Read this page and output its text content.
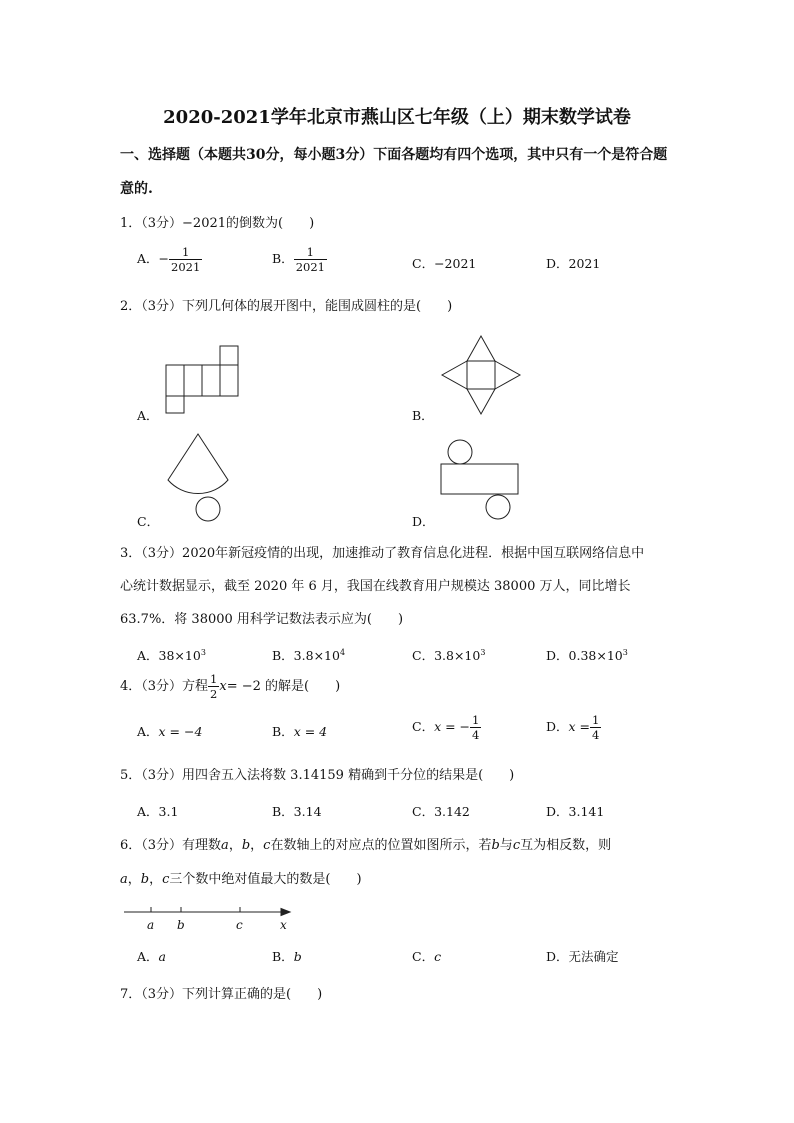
2020-2021学年北京市燕山区七年级（上）期末数学试卷
一、选择题（本题共30分，每小题3分）下面各题均有四个选项，其中只有一个是符合题
意的.
1．（3分）−2021的倒数为(　　)
A．− $\frac{1}{2021}$	B． $\frac{1}{2021}$	C．−2021	D．2021
2．（3分）下列几何体的展开图中，能围成圆柱的是(　　)
A．	B．
C．	D．
3．（3分）2020年新冠疫情的出现，加速推动了教育信息化进程．根据中国互联网络信息中
心统计数据显示，截至 2020 年 6 月，我国在线教育用户规模达 38000 万人，同比增长
63.7%．将 38000 用科学记数法表示应为(　　)
A．$38\times 10^3$	B．$3.8\times 10^4$	C．$3.8\times 10^3$	D．$0.38\times 10^3$
4．（3分）方程 $\frac{1}{2} x= -2$ 的解是(　　)
A．x = −4	B．x = 4	C．x = − $\frac{1}{4}$	D．$x = \frac{1}{4}$
5．（3分）用四舍五入法将数 3.14159 精确到千分位的结果是(　　)
A．3.1	B．3.14	C．3.142	D．3.141
6．（3分）有理数a，b，c在数轴上的对应点的位置如图所示，若b与c互为相反数，则
a，b，c三个数中绝对值最大的数是(　　)
a b	c	x
A．a	B．b	C．c	D．无法确定
7．（3分）下列计算正确的是(　　)
